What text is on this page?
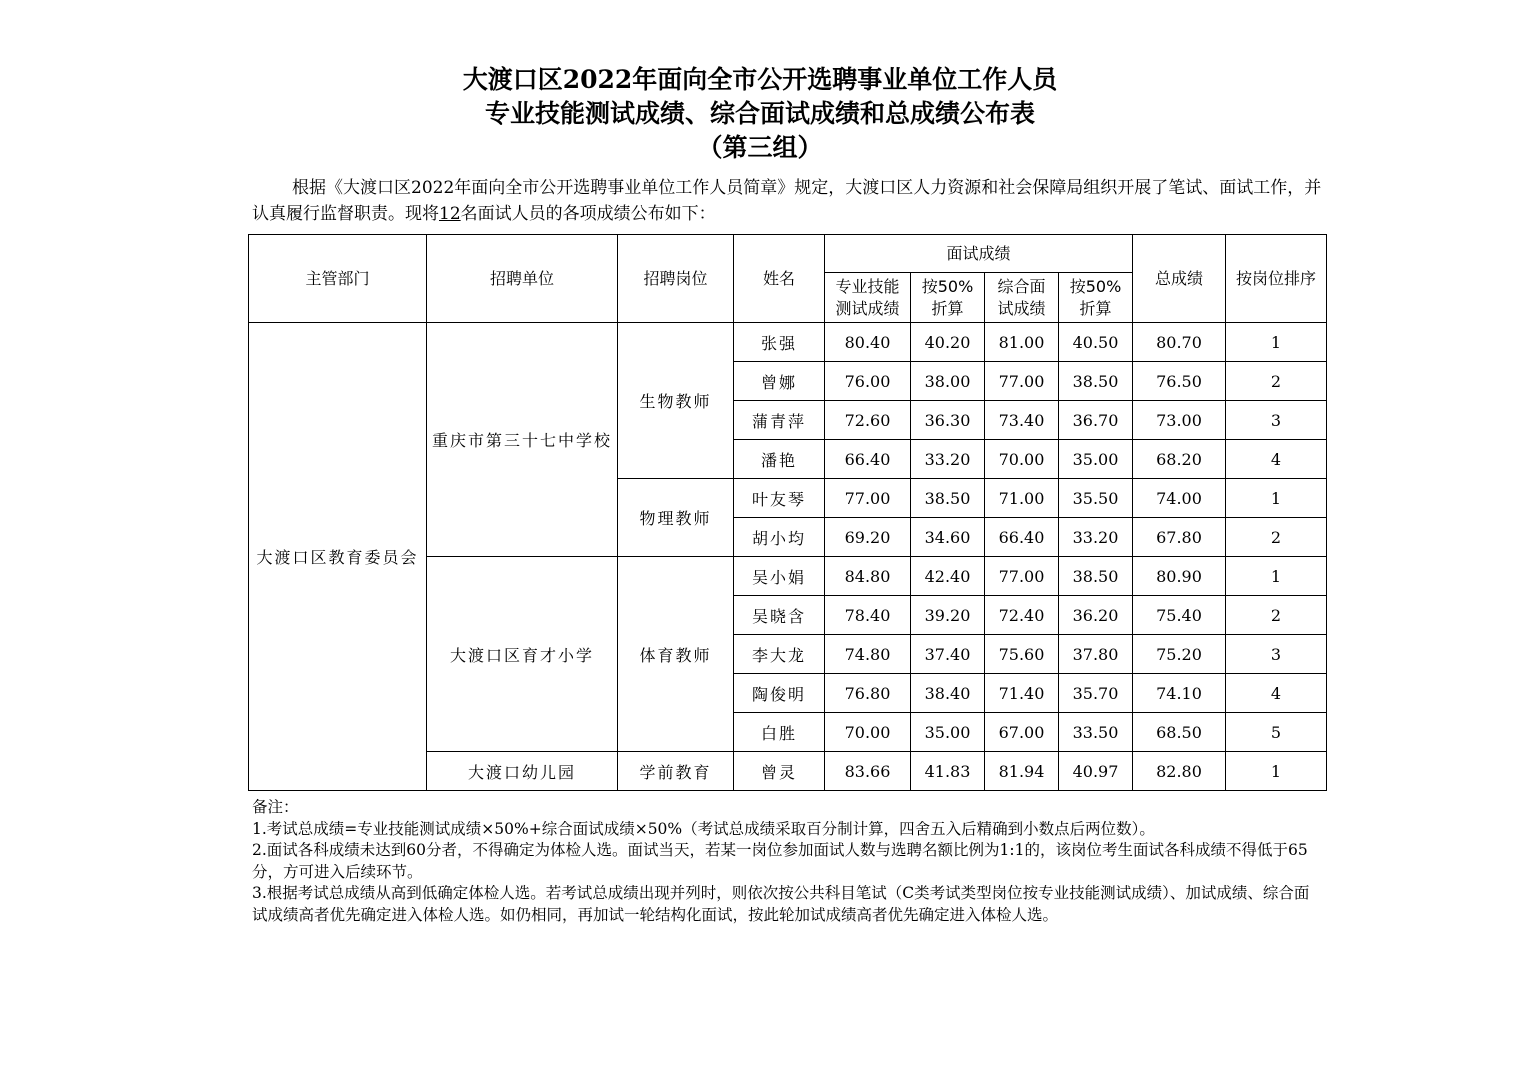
大渡口区2022年面向全市公开选聘事业单位工作人员
专业技能测试成绩、综合面试成绩和总成绩公布表
（第三组）
根据《大渡口区2022年面向全市公开选聘事业单位工作人员简章》规定，大渡口区人力资源和社会保障局组织开展了笔试、面试工作，并认真履行监督职责。现将12名面试人员的各项成绩公布如下：
主管部门	招聘单位	招聘岗位	姓名	面试成绩				总成绩	按岗位排序
				专业技能测试成绩	按50%折算	综合面试成绩	按50%折算		
大渡口区教育委员会	重庆市第三十七中学校	生物教师	张强	80.40	40.20	81.00	40.50	80.70	1
			曾娜	76.00	38.00	77.00	38.50	76.50	2
			蒲青萍	72.60	36.30	73.40	36.70	73.00	3
			潘艳	66.40	33.20	70.00	35.00	68.20	4
		物理教师	叶友琴	77.00	38.50	71.00	35.50	74.00	1
			胡小均	69.20	34.60	66.40	33.20	67.80	2
	大渡口区育才小学	体育教师	吴小娟	84.80	42.40	77.00	38.50	80.90	1
			吴晓含	78.40	39.20	72.40	36.20	75.40	2
			李大龙	74.80	37.40	75.60	37.80	75.20	3
			陶俊明	76.80	38.40	71.40	35.70	74.10	4
			白胜	70.00	35.00	67.00	33.50	68.50	5
	大渡口幼儿园	学前教育	曾灵	83.66	41.83	81.94	40.97	82.80	1

备注：

1.考试总成绩=专业技能测试成绩×50%+综合面试成绩×50%（考试总成绩采取百分制计算，四舍五入后精确到小数点后两位数）。

2.面试各科成绩未达到60分者，不得确定为体检人选。面试当天，若某一岗位参加面试人数与选聘名额比例为1:1的，该岗位考生面试各科成绩不得低于65分，方可进入后续环节。

3.根据考试总成绩从高到低确定体检人选。若考试总成绩出现并列时，则依次按公共科目笔试（C类考试类型岗位按专业技能测试成绩）、加试成绩、综合面试成绩高者优先确定进入体检人选。如仍相同，再加试一轮结构化面试，按此轮加试成绩高者优先确定进入体检人选。
